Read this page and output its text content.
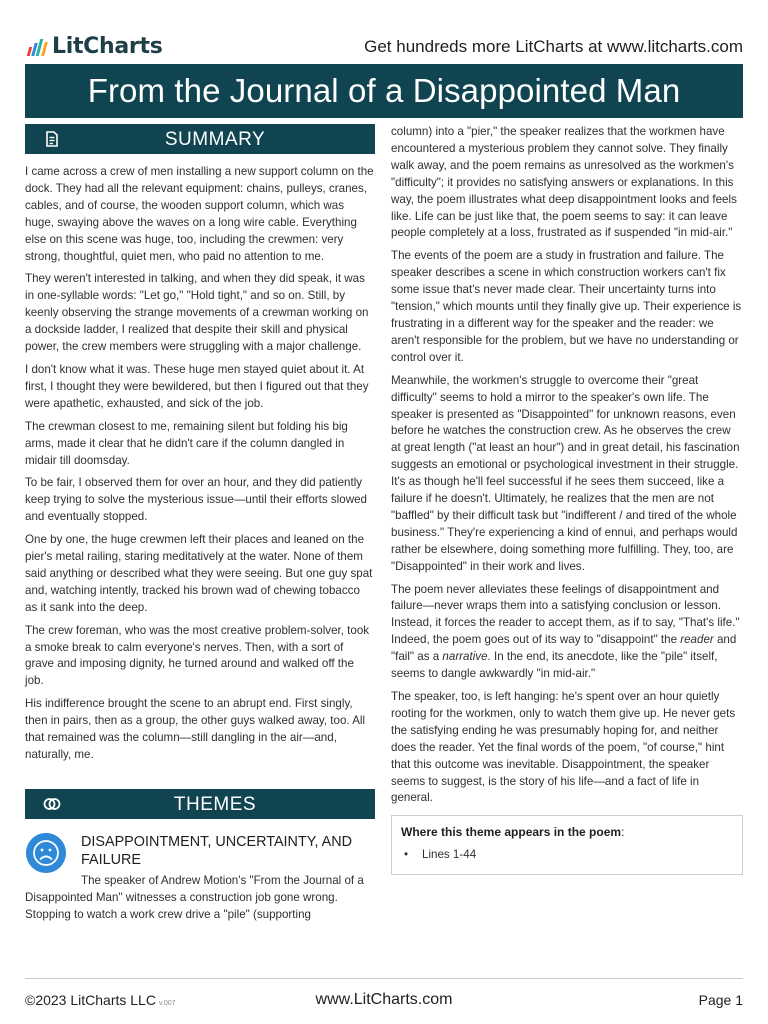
LitCharts	Get hundreds more LitCharts at www.litcharts.com
From the Journal of a Disappointed Man
SUMMARY

I came across a crew of men installing a new support column on the dock. They had all the relevant equipment: chains, pulleys, cranes, cables, and of course, the wooden support column, which was huge, swaying above the waves on a long wire cable. Everything else on this scene was huge, too, including the crewmen: very strong, thoughtful, quiet men, who paid no attention to me.

They weren't interested in talking, and when they did speak, it was in one-syllable words: "Let go," "Hold tight," and so on. Still, by keenly observing the strange movements of a crewman working on a dockside ladder, I realized that despite their skill and physical power, the crew members were struggling with a major challenge.

I don't know what it was. These huge men stayed quiet about it. At first, I thought they were bewildered, but then I figured out that they were apathetic, exhausted, and sick of the job.

The crewman closest to me, remaining silent but folding his big arms, made it clear that he didn't care if the column dangled in midair till doomsday.

To be fair, I observed them for over an hour, and they did patiently keep trying to solve the mysterious issue—until their efforts slowed and eventually stopped.

One by one, the huge crewmen left their places and leaned on the pier's metal railing, staring meditatively at the water. None of them said anything or described what they were seeing. But one guy spat and, watching intently, tracked his brown wad of chewing tobacco as it sank into the deep.

The crew foreman, who was the most creative problem-solver, took a smoke break to calm everyone's nerves. Then, with a sort of grave and imposing dignity, he turned around and walked off the job.

His indifference brought the scene to an abrupt end. First singly, then in pairs, then as a group, the other guys walked away, too. All that remained was the column—still dangling in the air—and, naturally, me.

THEMES
DISAPPOINTMENT, UNCERTAINTY, AND FAILURE

The speaker of Andrew Motion's "From the Journal of a Disappointed Man" witnesses a construction job gone wrong. Stopping to watch a work crew drive a "pile" (supporting

column) into a "pier," the speaker realizes that the workmen have encountered a mysterious problem they cannot solve. They finally walk away, and the poem remains as unresolved as the workmen's "difficulty"; it provides no satisfying answers or explanations. In this way, the poem illustrates what deep disappointment looks and feels like. Life can be just like that, the poem seems to say: it can leave people completely at a loss, frustrated as if suspended "in mid-air."

The events of the poem are a study in frustration and failure. The speaker describes a scene in which construction workers can't fix some issue that's never made clear. Their uncertainty turns into "tension," which mounts until they finally give up. Their experience is frustrating in a different way for the speaker and the reader: we aren't responsible for the problem, but we have no understanding or control over it.

Meanwhile, the workmen's struggle to overcome their "great difficulty" seems to hold a mirror to the speaker's own life. The speaker is presented as "Disappointed" for unknown reasons, even before he watches the construction crew. As he observes the crew at great length ("at least an hour") and in great detail, his fascination suggests an emotional or psychological investment in their struggle. It's as though he'll feel successful if he sees them succeed, like a failure if he doesn't. Ultimately, he realizes that the men are not "baffled" by their difficult task but "indifferent / and tired of the whole business." They're experiencing a kind of ennui, and perhaps would rather be elsewhere, doing something more fulfilling. They, too, are "Disappointed" in their work and lives.

The poem never alleviates these feelings of disappointment and failure—never wraps them into a satisfying conclusion or lesson. Instead, it forces the reader to accept them, as if to say, "That's life." Indeed, the poem goes out of its way to "disappoint" the reader and "fail" as a narrative. In the end, its anecdote, like the "pile" itself, seems to dangle awkwardly "in mid-air."

The speaker, too, is left hanging: he's spent over an hour quietly rooting for the workmen, only to watch them give up. He never gets the satisfying ending he was presumably hoping for, and neither does the reader. Yet the final words of the poem, "of course," hint that this outcome was inevitable. Disappointment, the speaker seems to suggest, is the story of his life—and a fact of life in general.

Where this theme appears in the poem:
• Lines 1-44
©2023 LitCharts LLC v.007	www.LitCharts.com	Page 1
